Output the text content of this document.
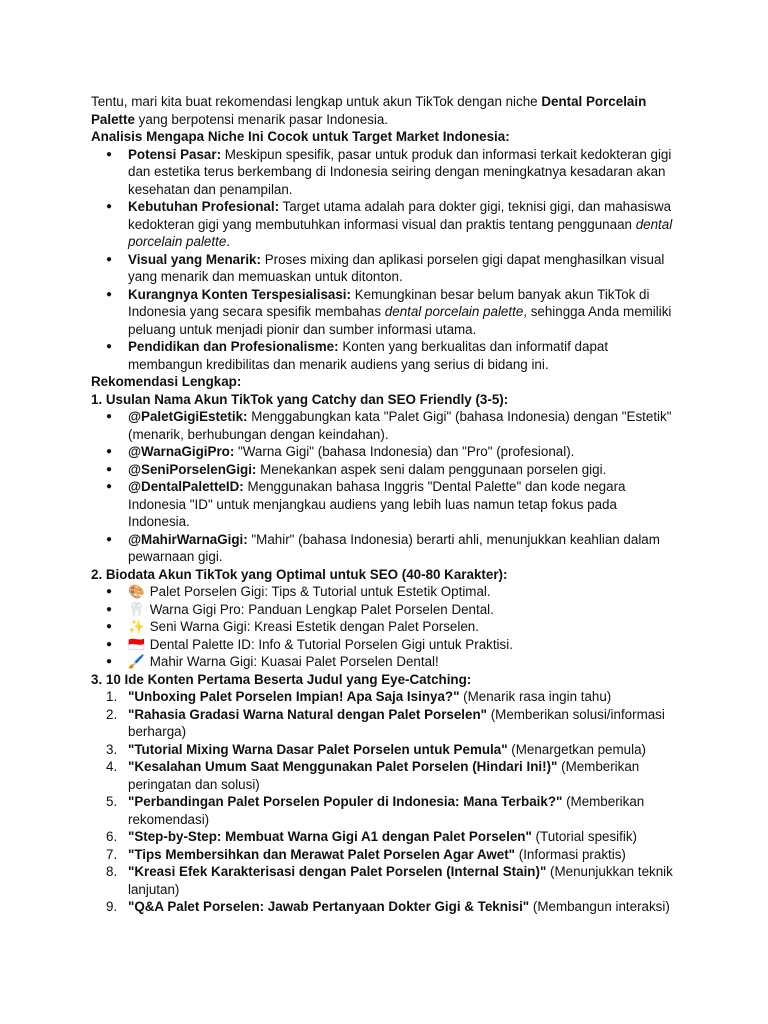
Tentu, mari kita buat rekomendasi lengkap untuk akun TikTok dengan niche Dental Porcelain Palette yang berpotensi menarik pasar Indonesia.

Analisis Mengapa Niche Ini Cocok untuk Target Market Indonesia:

● Potensi Pasar: Meskipun spesifik, pasar untuk produk dan informasi terkait kedokteran gigi dan estetika terus berkembang di Indonesia seiring dengan meningkatnya kesadaran akan kesehatan dan penampilan.
● Kebutuhan Profesional: Target utama adalah para dokter gigi, teknisi gigi, dan mahasiswa kedokteran gigi yang membutuhkan informasi visual dan praktis tentang penggunaan dental porcelain palette.
● Visual yang Menarik: Proses mixing dan aplikasi porselen gigi dapat menghasilkan visual yang menarik dan memuaskan untuk ditonton.
● Kurangnya Konten Terspesialisasi: Kemungkinan besar belum banyak akun TikTok di Indonesia yang secara spesifik membahas dental porcelain palette, sehingga Anda memiliki peluang untuk menjadi pionir dan sumber informasi utama.
● Pendidikan dan Profesionalisme: Konten yang berkualitas dan informatif dapat membangun kredibilitas dan menarik audiens yang serius di bidang ini.

Rekomendasi Lengkap:

1. Usulan Nama Akun TikTok yang Catchy dan SEO Friendly (3-5):

● @PaletGigiEstetik: Menggabungkan kata "Palet Gigi" (bahasa Indonesia) dengan "Estetik" (menarik, berhubungan dengan keindahan).
● @WarnaGigiPro: "Warna Gigi" (bahasa Indonesia) dan "Pro" (profesional).
● @SeniPorselenGigi: Menekankan aspek seni dalam penggunaan porselen gigi.
● @DentalPaletteID: Menggunakan bahasa Inggris "Dental Palette" dan kode negara Indonesia "ID" untuk menjangkau audiens yang lebih luas namun tetap fokus pada Indonesia.
● @MahirWarnaGigi: "Mahir" (bahasa Indonesia) berarti ahli, menunjukkan keahlian dalam pewarnaan gigi.

2. Biodata Akun TikTok yang Optimal untuk SEO (40-80 Karakter):

● 🎨 Palet Porselen Gigi: Tips & Tutorial untuk Estetik Optimal.
● 🦷 Warna Gigi Pro: Panduan Lengkap Palet Porselen Dental.
● ✨ Seni Warna Gigi: Kreasi Estetik dengan Palet Porselen.
● 🇮🇩 Dental Palette ID: Info & Tutorial Porselen Gigi untuk Praktisi.
● 🖌️ Mahir Warna Gigi: Kuasai Palet Porselen Dental!

3. 10 Ide Konten Pertama Beserta Judul yang Eye-Catching:

1. "Unboxing Palet Porselen Impian! Apa Saja Isinya?" (Menarik rasa ingin tahu)
2. "Rahasia Gradasi Warna Natural dengan Palet Porselen" (Memberikan solusi/informasi berharga)
3. "Tutorial Mixing Warna Dasar Palet Porselen untuk Pemula" (Menargetkan pemula)
4. "Kesalahan Umum Saat Menggunakan Palet Porselen (Hindari Ini!)" (Memberikan peringatan dan solusi)
5. "Perbandingan Palet Porselen Populer di Indonesia: Mana Terbaik?" (Memberikan rekomendasi)
6. "Step-by-Step: Membuat Warna Gigi A1 dengan Palet Porselen" (Tutorial spesifik)
7. "Tips Membersihkan dan Merawat Palet Porselen Agar Awet" (Informasi praktis)
8. "Kreasi Efek Karakterisasi dengan Palet Porselen (Internal Stain)" (Menunjukkan teknik lanjutan)
9. "Q&A Palet Porselen: Jawab Pertanyaan Dokter Gigi & Teknisi" (Membangun interaksi)
